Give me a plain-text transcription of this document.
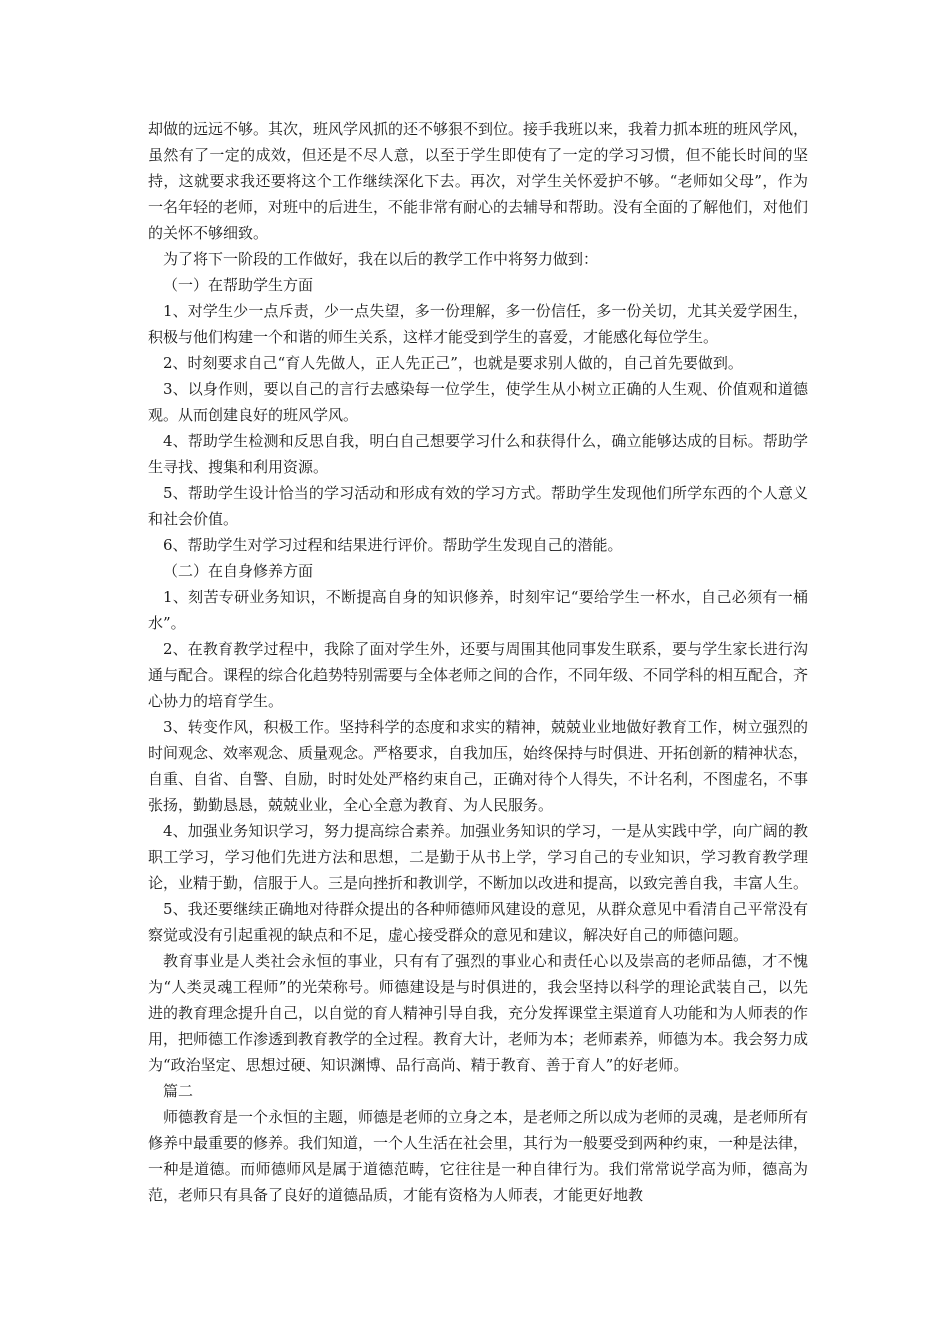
却做的远远不够。其次，班风学风抓的还不够狠不到位。接手我班以来，我着力抓本班的班风学风，虽然有了一定的成效，但还是不尽人意，以至于学生即使有了一定的学习习惯，但不能长时间的坚持，这就要求我还要将这个工作继续深化下去。再次，对学生关怀爱护不够。“老师如父母”，作为一名年轻的老师，对班中的后进生，不能非常有耐心的去辅导和帮助。没有全面的了解他们，对他们的关怀不够细致。

为了将下一阶段的工作做好，我在以后的教学工作中将努力做到：

（一）在帮助学生方面

1、对学生少一点斥责，少一点失望，多一份理解，多一份信任，多一份关切，尤其关爱学困生，积极与他们构建一个和谐的师生关系，这样才能受到学生的喜爱，才能感化每位学生。

2、时刻要求自己“育人先做人，正人先正己”，也就是要求别人做的，自己首先要做到。

3、以身作则，要以自己的言行去感染每一位学生，使学生从小树立正确的人生观、价值观和道德观。从而创建良好的班风学风。

4、帮助学生检测和反思自我，明白自己想要学习什么和获得什么，确立能够达成的目标。帮助学生寻找、搜集和利用资源。

5、帮助学生设计恰当的学习活动和形成有效的学习方式。帮助学生发现他们所学东西的个人意义和社会价值。

6、帮助学生对学习过程和结果进行评价。帮助学生发现自己的潜能。

（二）在自身修养方面

1、刻苦专研业务知识，不断提高自身的知识修养，时刻牢记“要给学生一杯水，自己必须有一桶水”。

2、在教育教学过程中，我除了面对学生外，还要与周围其他同事发生联系，要与学生家长进行沟通与配合。课程的综合化趋势特别需要与全体老师之间的合作，不同年级、不同学科的相互配合，齐心协力的培育学生。

3、转变作风，积极工作。坚持科学的态度和求实的精神，兢兢业业地做好教育工作，树立强烈的时间观念、效率观念、质量观念。严格要求，自我加压，始终保持与时俱进、开拓创新的精神状态，自重、自省、自警、自励，时时处处严格约束自己，正确对待个人得失，不计名利，不图虚名，不事张扬，勤勤恳恳，兢兢业业，全心全意为教育、为人民服务。

4、加强业务知识学习，努力提高综合素养。加强业务知识的学习，一是从实践中学，向广阔的教职工学习，学习他们先进方法和思想，二是勤于从书上学，学习自己的专业知识，学习教育教学理论，业精于勤，信服于人。三是向挫折和教训学，不断加以改进和提高，以致完善自我，丰富人生。

5、我还要继续正确地对待群众提出的各种师德师风建设的意见，从群众意见中看清自己平常没有察觉或没有引起重视的缺点和不足，虚心接受群众的意见和建议，解决好自己的师德问题。

教育事业是人类社会永恒的事业，只有有了强烈的事业心和责任心以及崇高的老师品德，才不愧为“人类灵魂工程师”的光荣称号。师德建设是与时俱进的，我会坚持以科学的理论武装自己，以先进的教育理念提升自己，以自觉的育人精神引导自我，充分发挥课堂主渠道育人功能和为人师表的作用，把师德工作渗透到教育教学的全过程。教育大计，老师为本；老师素养，师德为本。我会努力成为“政治坚定、思想过硬、知识渊博、品行高尚、精于教育、善于育人”的好老师。

篇二

师德教育是一个永恒的主题，师德是老师的立身之本，是老师之所以成为老师的灵魂，是老师所有修养中最重要的修养。我们知道，一个人生活在社会里，其行为一般要受到两种约束，一种是法律，一种是道德。而师德师风是属于道德范畴，它往往是一种自律行为。我们常常说学高为师，德高为范，老师只有具备了良好的道德品质，才能有资格为人师表，才能更好地教
